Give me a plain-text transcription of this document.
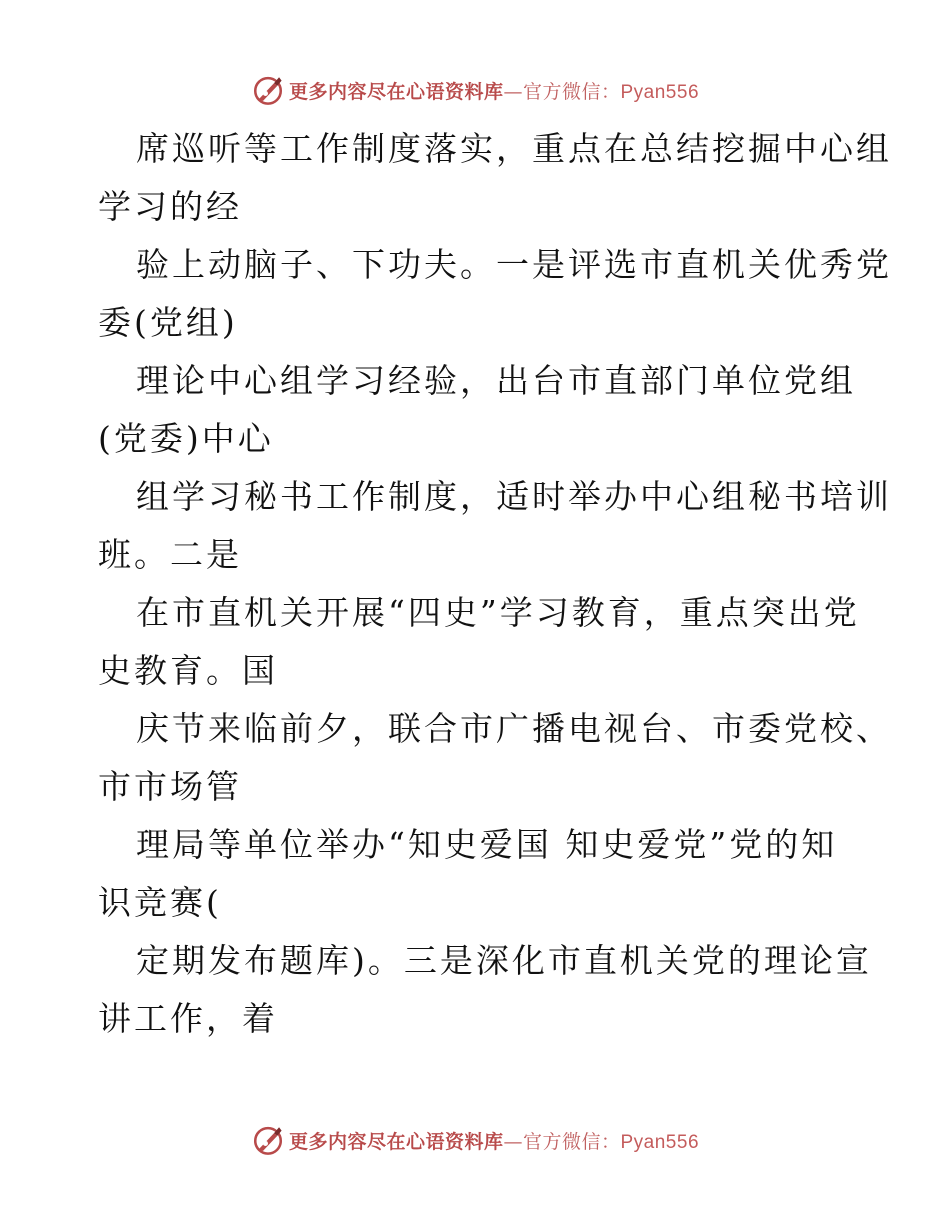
更多内容尽在心语资料库—官方微信：Pyan556

席巡听等工作制度落实，重点在总结挖掘中心组
学习的经

验上动脑子、下功夫。一是评选市直机关优秀党
委(党组)

理论中心组学习经验，出台市直部门单位党组
(党委)中心

组学习秘书工作制度，适时举办中心组秘书培训
班。二是

在市直机关开展“四史”学习教育，重点突出党
史教育。国

庆节来临前夕，联合市广播电视台、市委党校、
市市场管

理局等单位举办“知史爱国 知史爱党”党的知
识竞赛(

定期发布题库)。三是深化市直机关党的理论宣
讲工作，着

更多内容尽在心语资料库—官方微信：Pyan556
